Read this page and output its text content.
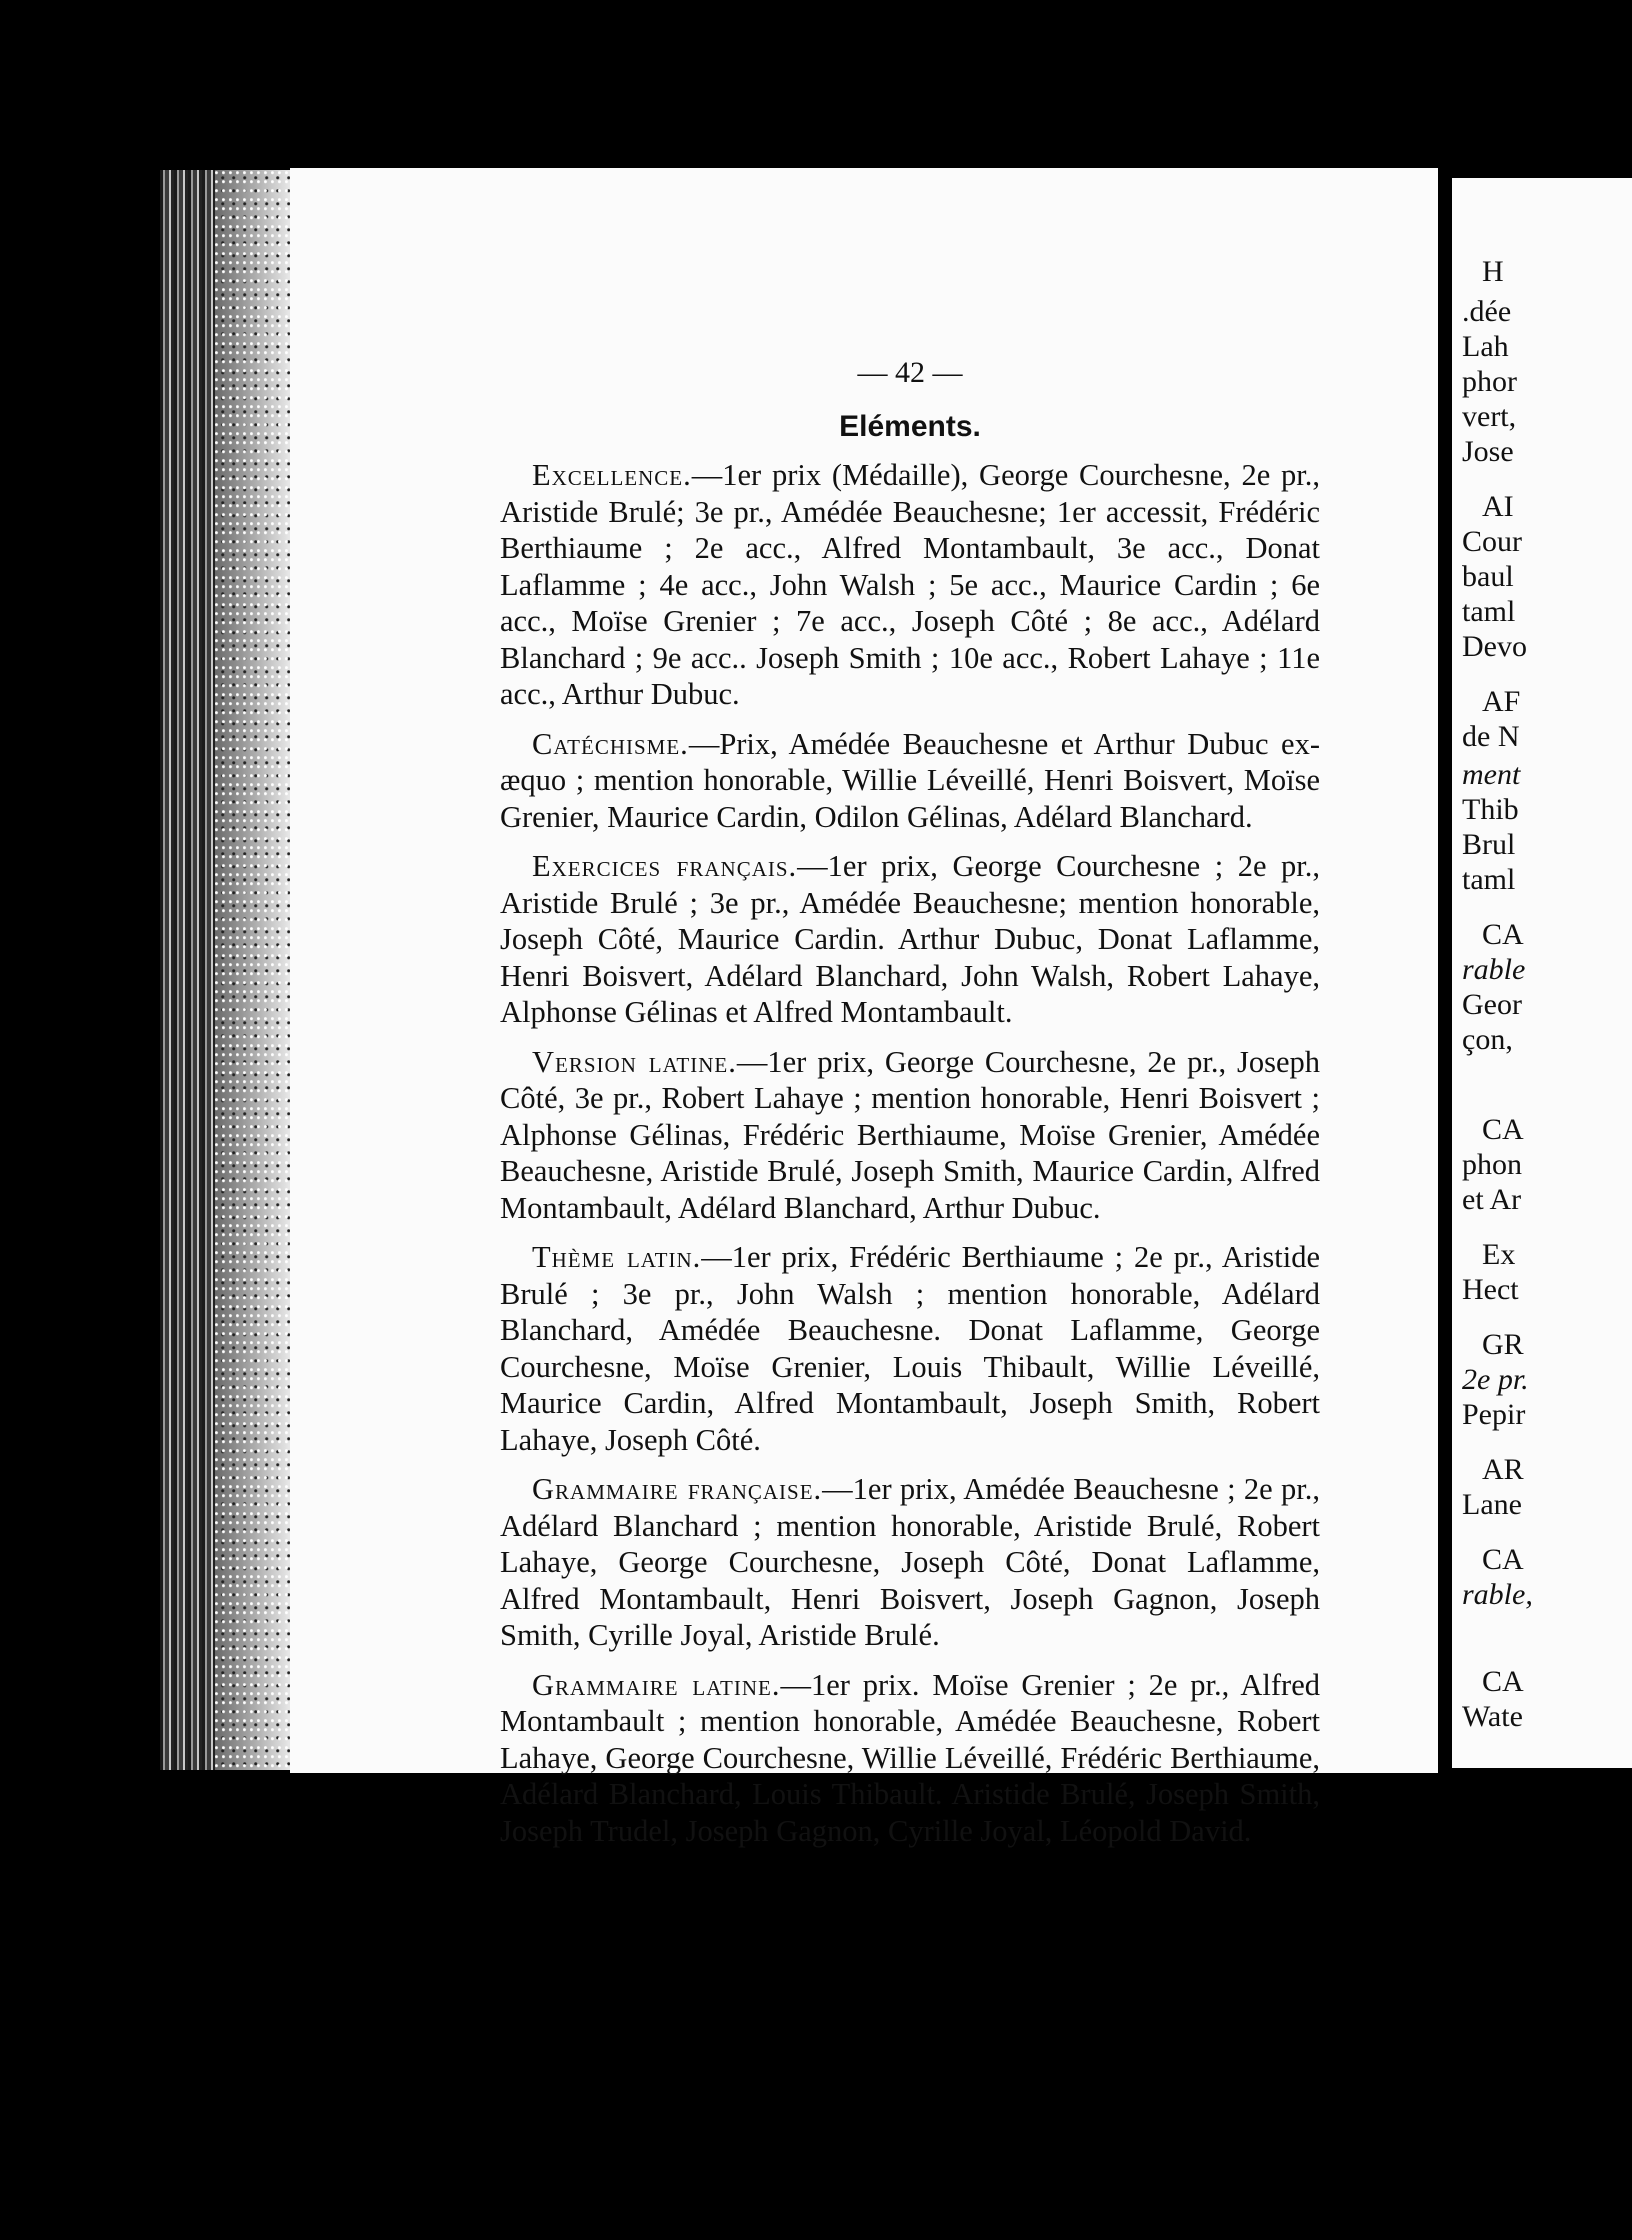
— 42 —
Eléments.

Excellence.—1er prix (Médaille), George Courchesne, 2e pr., Aristide Brulé; 3e pr., Amédée Beauchesne; 1er accessit, Frédéric Berthiaume ; 2e acc., Alfred Montambault, 3e acc., Donat Laflamme ; 4e acc., John Walsh ; 5e acc., Maurice Cardin ; 6e acc., Moïse Grenier ; 7e acc., Joseph Côté ; 8e acc., Adélard Blanchard ; 9e acc.. Joseph Smith ; 10e acc., Robert Lahaye ; 11e acc., Arthur Dubuc.

Catéchisme.—Prix, Amédée Beauchesne et Arthur Dubuc ex-æquo ; mention honorable, Willie Léveillé, Henri Boisvert, Moïse Grenier, Maurice Cardin, Odilon Gélinas, Adélard Blanchard.

Exercices français.—1er prix, George Courchesne ; 2e pr., Aristide Brulé ; 3e pr., Amédée Beauchesne; mention honorable, Joseph Côté, Maurice Cardin. Arthur Dubuc, Donat Laflamme, Henri Boisvert, Adélard Blanchard, John Walsh, Robert Lahaye, Alphonse Gélinas et Alfred Montambault.

Version latine.—1er prix, George Courchesne, 2e pr., Joseph Côté, 3e pr., Robert Lahaye ; mention honorable, Henri Boisvert ; Alphonse Gélinas, Frédéric Berthiaume, Moïse Grenier, Amédée Beauchesne, Aristide Brulé, Joseph Smith, Maurice Cardin, Alfred Montambault, Adélard Blanchard, Arthur Dubuc.

Thème latin.—1er prix, Frédéric Berthiaume ; 2e pr., Aristide Brulé ; 3e pr., John Walsh ; mention honorable, Adélard Blanchard, Amédée Beauchesne. Donat Laflamme, George Courchesne, Moïse Grenier, Louis Thibault, Willie Léveillé, Maurice Cardin, Alfred Montambault, Joseph Smith, Robert Lahaye, Joseph Côté.

Grammaire française.—1er prix, Amédée Beauchesne ; 2e pr., Adélard Blanchard ; mention honorable, Aristide Brulé, Robert Lahaye, George Courchesne, Joseph Côté, Donat Laflamme, Alfred Montambault, Henri Boisvert, Joseph Gagnon, Joseph Smith, Cyrille Joyal, Aristide Brulé.

Grammaire latine.—1er prix. Moïse Grenier ; 2e pr., Alfred Montambault ; mention honorable, Amédée Beauchesne, Robert Lahaye, George Courchesne, Willie Léveillé, Frédéric Berthiaume, Adélard Blanchard, Louis Thibault. Aristide Brulé, Joseph Smith, Joseph Trudel, Joseph Gagnon, Cyrille Joyal, Léopold David.

H
.dée
Lah
phor
vert,
Jose
AI
Cour
baul
taml
Devo
AF
de N
ment
Thib
Brul
taml
CA
rable
Geor
çon,
CA
phon
et Ar
Ex
Hect
GR
2e pr.
Pepir
AR
Lane
CA
rable,
CA
Wate
